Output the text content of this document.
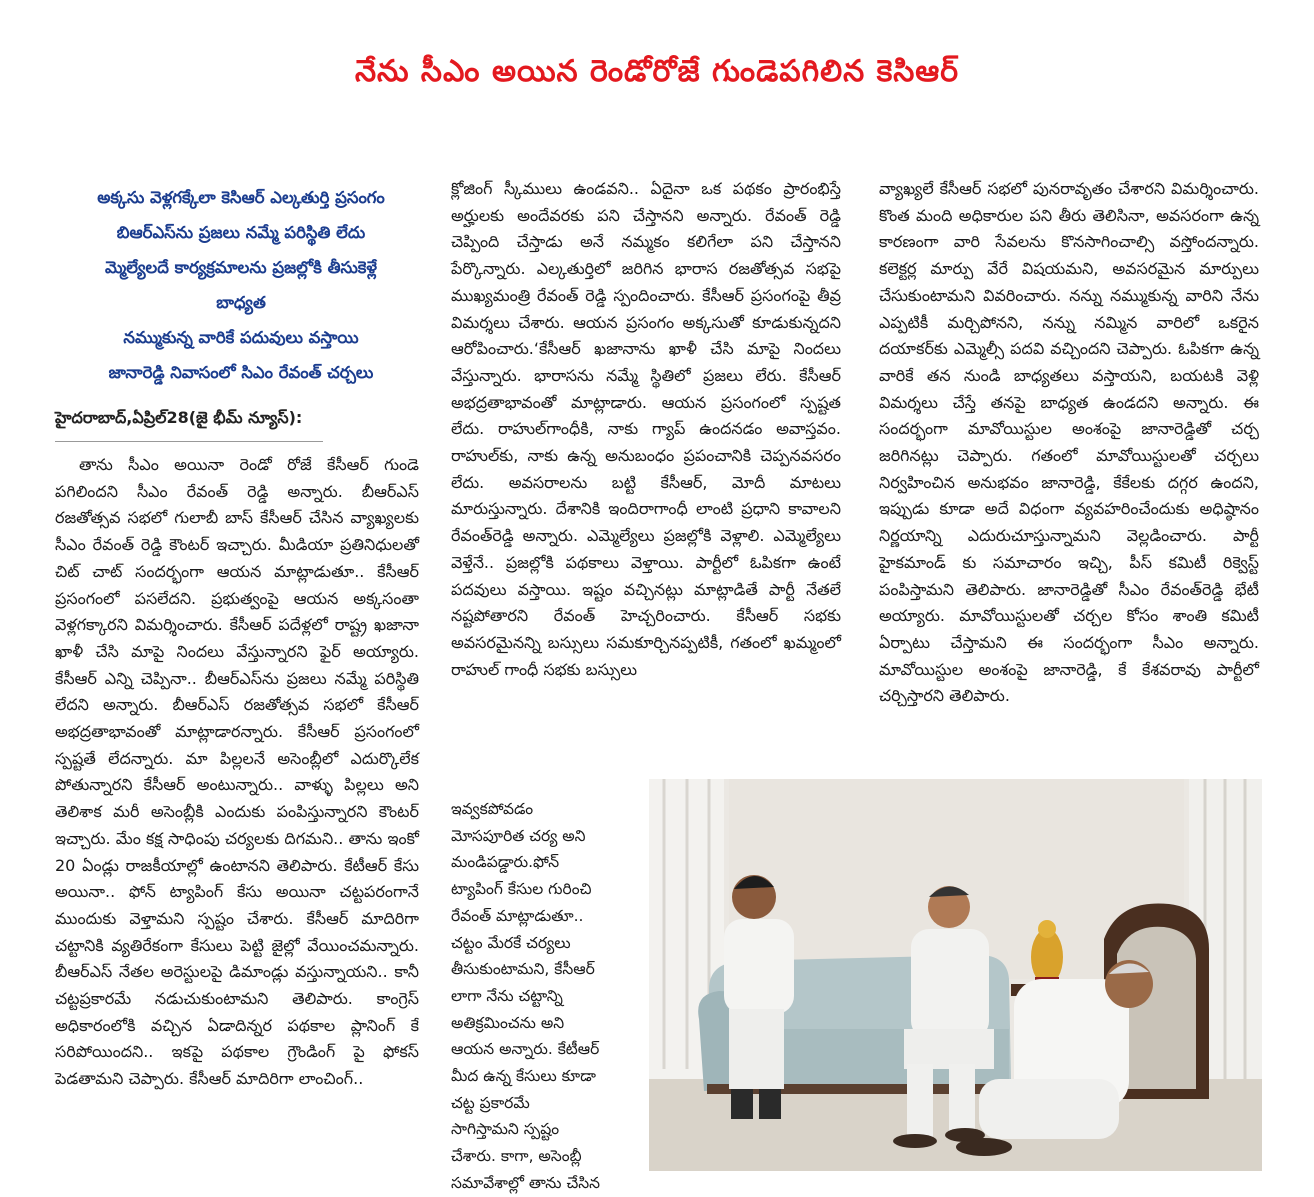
నేను సీఎం అయిన రెండోరోజే గుండెపగిలిన కెసిఆర్
అక్కసు వెళ్లగక్కేలా కెసిఆర్ ఎల్కతుర్తి ప్రసంగం
బిఆర్ఎస్‌ను ప్రజలు నమ్మే పరిస్థితి లేదు
మ్మెల్యేలదే కార్యక్రమాలను ప్రజల్లోకి తీసుకెళ్లే
బాధ్యత
నమ్ముకున్న వారికే పదువులు వస్తాయి
జానారెడ్డి నివాసంలో సిఎం రేవంత్ చర్చలు
హైదరాబాద్,ఏప్రిల్28(జై భీమ్ న్యూస్):

తాను సీఎం అయినా రెండో రోజే కేసీఆర్ గుండె పగిలిందని సీఎం రేవంత్ రెడ్డి అన్నారు. బీఆర్ఎస్ రజతోత్సవ సభలో గులాబీ బాస్ కేసీఆర్ చేసిన వ్యాఖ్యలకు సీఎం రేవంత్ రెడ్డి కౌంటర్ ఇచ్చారు. మీడియా ప్రతినిధులతో చిట్ చాట్ సందర్భంగా ఆయన మాట్లాడుతూ.. కేసీఆర్ ప్రసంగంలో పసలేదని. ప్రభుత్వంపై ఆయన అక్కసంతా వెళ్లగక్కారని విమర్శించారు. కేసీఆర్ పదేళ్లలో రాష్ట్ర ఖజానా ఖాళీ చేసి మాపై నిందలు వేస్తున్నారని ఫైర్ అయ్యారు. కేసీఆర్ ఎన్ని చెప్పినా.. బీఆర్ఎస్‌ను ప్రజలు నమ్మే పరిస్థితి లేదని అన్నారు. బీఆర్ఎస్ రజతోత్సవ సభలో కేసీఆర్ అభద్రతాభావంతో మాట్లాడారన్నారు. కేసీఆర్ ప్రసంగంలో స్పష్టతే లేదన్నారు. మా పిల్లలనే అసెంబ్లీలో ఎదుర్కొలేక పోతున్నారని కేసీఆర్ అంటున్నారు.. వాళ్ళు పిల్లలు అని తెలిశాక మరీ అసెంబ్లీకి ఎందుకు పంపిస్తున్నారని కౌంటర్ ఇచ్చారు. మేం కక్ష సాధింపు చర్యలకు దిగమని.. తాను ఇంకో 20 ఏండ్లు రాజకీయాల్లో ఉంటానని తెలిపారు. కేటీఆర్ కేసు అయినా.. ఫోన్ ట్యాపింగ్ కేసు అయినా చట్టపరంగానే ముందుకు వెళ్తామని స్పష్టం చేశారు. కేసీఆర్ మాదిరిగా చట్టానికి వ్యతిరేకంగా కేసులు పెట్టి జైల్లో వేయించమన్నారు. బీఆర్ఎస్ నేతల అరెస్టులపై డిమాండ్లు వస్తున్నాయని.. కానీ చట్టప్రకారమే నడుచుకుంటామని తెలిపారు. కాంగ్రెస్ అధికారంలోకి వచ్చిన ఏడాదిన్నర పథకాల ప్లానింగ్ కే సరిపోయిందని.. ఇకపై పథకాల గ్రౌండింగ్ పై ఫోకస్ పెడతామని చెప్పారు. కేసీఆర్ మాదిరిగా లాంచింగ్..

క్లోజింగ్ స్కీములు ఉండవని.. ఏదైనా ఒక పథకం ప్రారంభిస్తే అర్హులకు అందేవరకు పని చేస్తానని అన్నారు. రేవంత్ రెడ్డి చెప్పింది చేస్తాడు అనే నమ్మకం కలిగేలా పని చేస్తానని పేర్కొన్నారు. ఎల్కతుర్తిలో జరిగిన భారాస రజతోత్సవ సభపై ముఖ్యమంత్రి రేవంత్ రెడ్డి స్పందించారు. కేసీఆర్ ప్రసంగంపై తీవ్ర విమర్శలు చేశారు. ఆయన ప్రసంగం అక్కసుతో కూడుకున్నదని ఆరోపించారు.‘కేసీఆర్ ఖజానాను ఖాళీ చేసి మాపై నిందలు వేస్తున్నారు. భారాసను నమ్మే స్థితిలో ప్రజలు లేరు. కేసీఆర్ అభద్రతాభావంతో మాట్లాడారు. ఆయన ప్రసంగంలో స్పష్టత లేదు. రాహుల్‌గాంధీకి, నాకు గ్యాప్ ఉందనడం అవాస్తవం. రాహుల్‌కు, నాకు ఉన్న అనుబంధం ప్రపంచానికి చెప్పనవసరం లేదు. అవసరాలను బట్టి కేసీఆర్, మోదీ మాటలు మారుస్తున్నారు. దేశానికి ఇందిరాగాంధీ లాంటి ప్రధాని కావాలని రేవంత్‌రెడ్డి అన్నారు. ఎమ్మెల్యేలు ప్రజల్లోకి వెళ్లాలి. ఎమ్మెల్యేలు వెళ్తేనే.. ప్రజల్లోకి పథకాలు వెళ్తాయి. పార్టీలో ఓపికగా ఉంటే పదవులు వస్తాయి. ఇష్టం వచ్చినట్లు మాట్లాడితే పార్టీ నేతలే నష్టపోతారని రేవంత్ హెచ్చరించారు. కేసీఆర్ సభకు అవసరమైనన్ని బస్సులు సమకూర్చినప్పటికీ, గతంలో ఖమ్మంలో రాహుల్ గాంధీ సభకు బస్సులు

ఇవ్వకపోవడం
మోసపూరిత చర్య అని
మండిపడ్డారు.ఫోన్
ట్యాపింగ్ కేసుల గురించి
రేవంత్ మాట్లాడుతూ..
చట్టం మేరకే చర్యలు
తీసుకుంటామని, కేసీఆర్
లాగా నేను చట్టాన్ని
అతిక్రమించను అని
ఆయన అన్నారు. కేటీఆర్
మీద ఉన్న కేసులు కూడా
చట్ట ప్రకారమే
సాగిస్తామని స్పష్టం
చేశారు. కాగా, అసెంబ్లీ
సమావేశాల్లో తాను చేసిన

వ్యాఖ్యలే కేసీఆర్ సభలో పునరావృతం చేశారని విమర్శించారు. కొంత మంది అధికారుల పని తీరు తెలిసినా, అవసరంగా ఉన్న కారణంగా వారి సేవలను కొనసాగించాల్సి వస్తోందన్నారు. కలెక్టర్ల మార్పు వేరే విషయమని, అవసరమైన మార్పులు చేసుకుంటామని వివరించారు. నన్ను నమ్ముకున్న వారిని నేను ఎప్పటికీ మర్చిపోనని, నన్ను నమ్మిన వారిలో ఒకరైన దయాకర్‌కు ఎమ్మెల్సీ పదవి వచ్చిందని చెప్పారు. ఓపికగా ఉన్న వారికే తన నుండి బాధ్యతలు వస్తాయని, బయటకి వెళ్లి విమర్శలు చేస్తే తనపై బాధ్యత ఉండదని అన్నారు. ఈ సందర్భంగా మావోయిస్టుల అంశంపై జానారెడ్డితో చర్చ జరిగినట్లు చెప్పారు. గతంలో మావోయిస్టులతో చర్చలు నిర్వహించిన అనుభవం జానారెడ్డి, కేకేలకు దగ్గర ఉందని, ఇప్పుడు కూడా అదే విధంగా వ్యవహరించేందుకు అధిష్ఠానం నిర్ణయాన్ని ఎదురుచూస్తున్నామని వెల్లడించారు. పార్టీ హైకమాండ్ కు సమాచారం ఇచ్చి, పీస్ కమిటీ రిక్వెస్ట్ పంపిస్తామని తెలిపారు. జానారెడ్డితో సీఎం రేవంత్‌రెడ్డి భేటీ అయ్యారు. మావోయిస్టులతో చర్చల కోసం శాంతి కమిటీ ఏర్పాటు చేస్తామని ఈ సందర్భంగా సీఎం అన్నారు. మావోయిస్టుల అంశంపై జానారెడ్డి, కే కేశవరావు పార్టీలో చర్చిస్తారని తెలిపారు.
